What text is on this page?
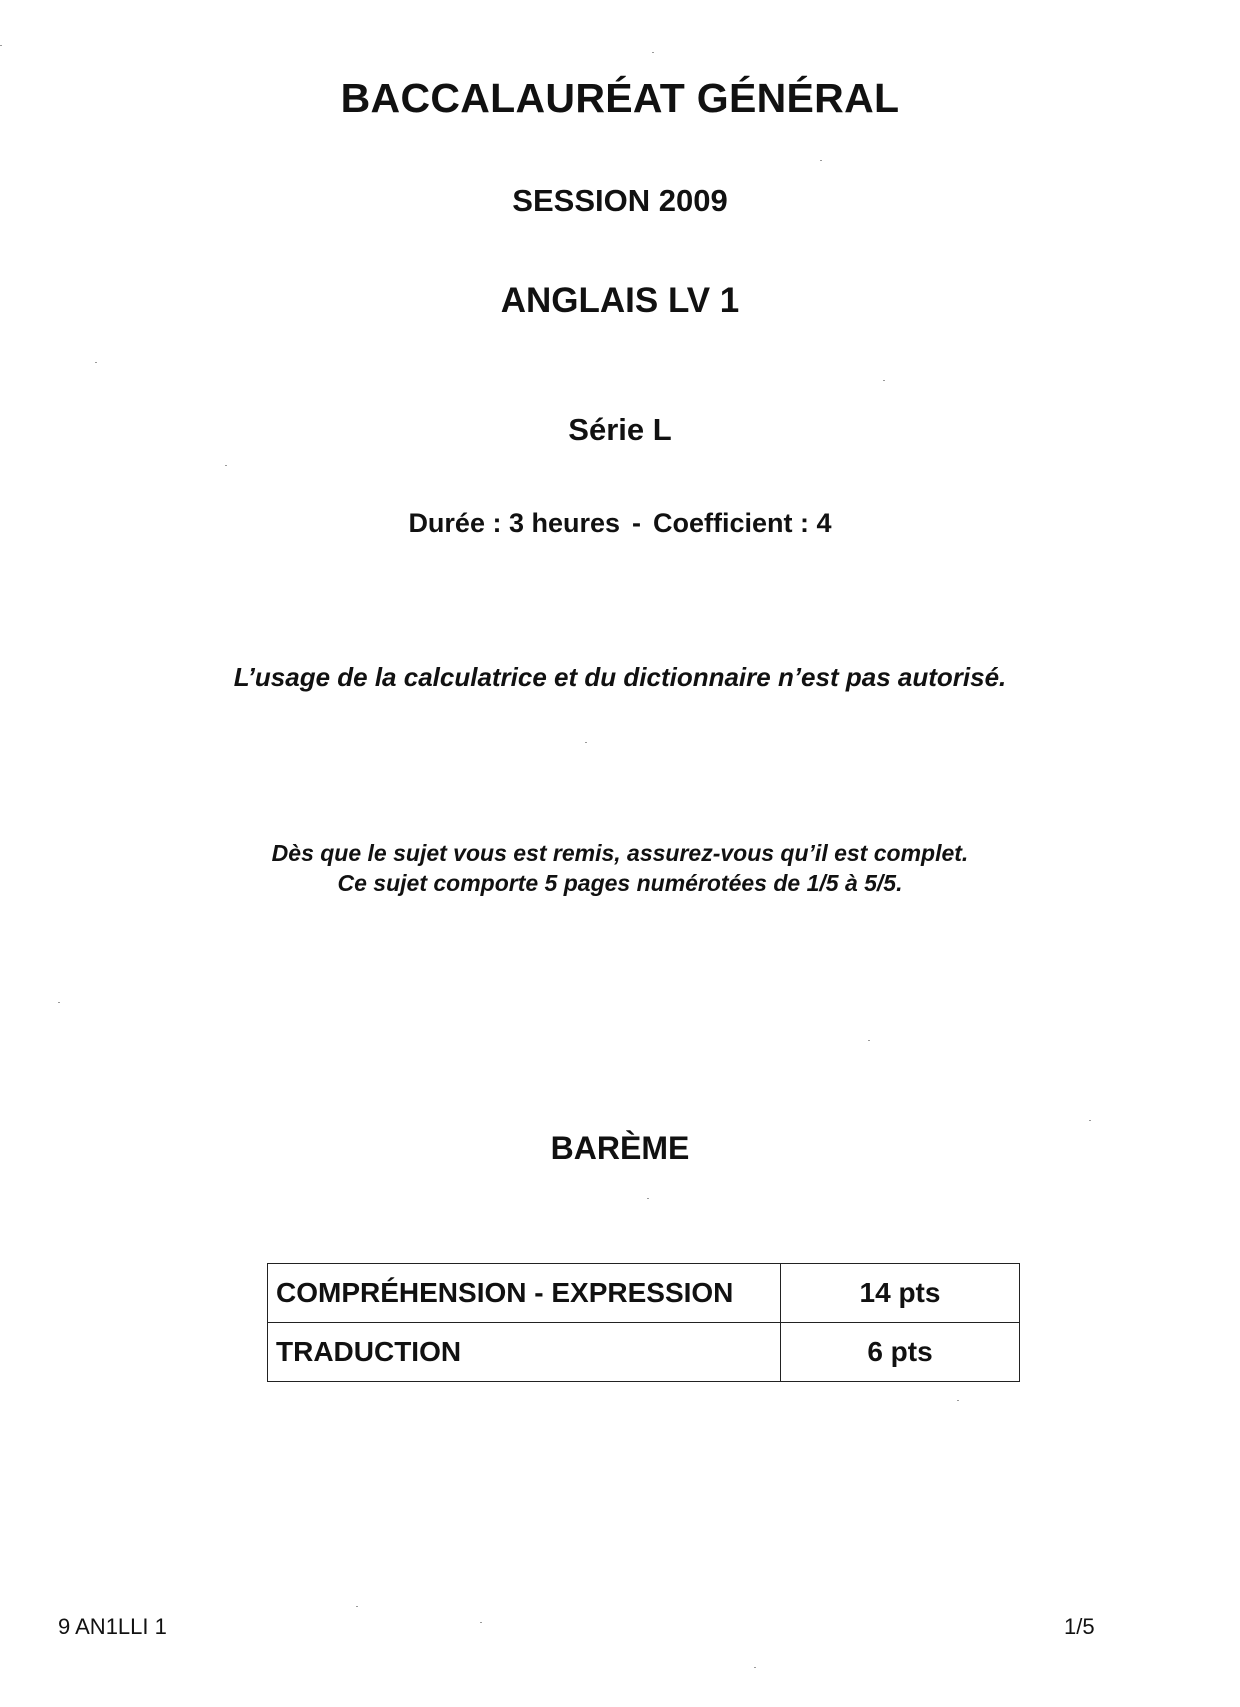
BACCALAURÉAT GÉNÉRAL
SESSION 2009
ANGLAIS LV 1
Série L
Durée : 3 heures - Coefficient : 4
L’usage de la calculatrice et du dictionnaire n’est pas autorisé.
Dès que le sujet vous est remis, assurez-vous qu’il est complet.
Ce sujet comporte 5 pages numérotées de 1/5 à 5/5.
BARÈME
COMPRÉHENSION - EXPRESSION	14 pts
TRADUCTION	6 pts
9 AN1LLI 1	1/5
